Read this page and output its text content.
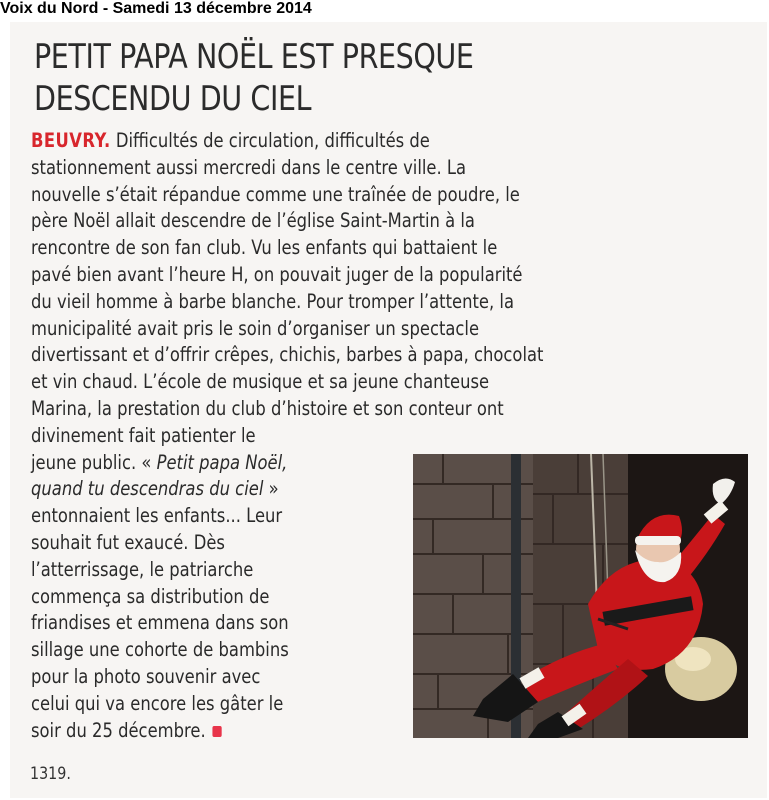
Voix du Nord - Samedi 13 décembre 2014
PETIT PAPA NOËL EST PRESQUE
DESCENDU DU CIEL
BEUVRY. Difficultés de circulation, difficultés de
stationnement aussi mercredi dans le centre ville. La
nouvelle s’était répandue comme une traînée de poudre, le
père Noël allait descendre de l’église Saint-Martin à la
rencontre de son fan club. Vu les enfants qui battaient le
pavé bien avant l’heure H, on pouvait juger de la popularité
du vieil homme à barbe blanche. Pour tromper l’attente, la
municipalité avait pris le soin d’organiser un spectacle
divertissant et d’offrir crêpes, chichis, barbes à papa, chocolat
et vin chaud. L’école de musique et sa jeune chanteuse
Marina, la prestation du club d’histoire et son conteur ont
divinement fait patienter le
jeune public. « Petit papa Noël,
quand tu descendras du ciel »
entonnaient les enfants... Leur
souhait fut exaucé. Dès
l’atterrissage, le patriarche
commença sa distribution de
friandises et emmena dans son
sillage une cohorte de bambins
pour la photo souvenir avec
celui qui va encore les gâter le
soir du 25 décembre.
1319.
